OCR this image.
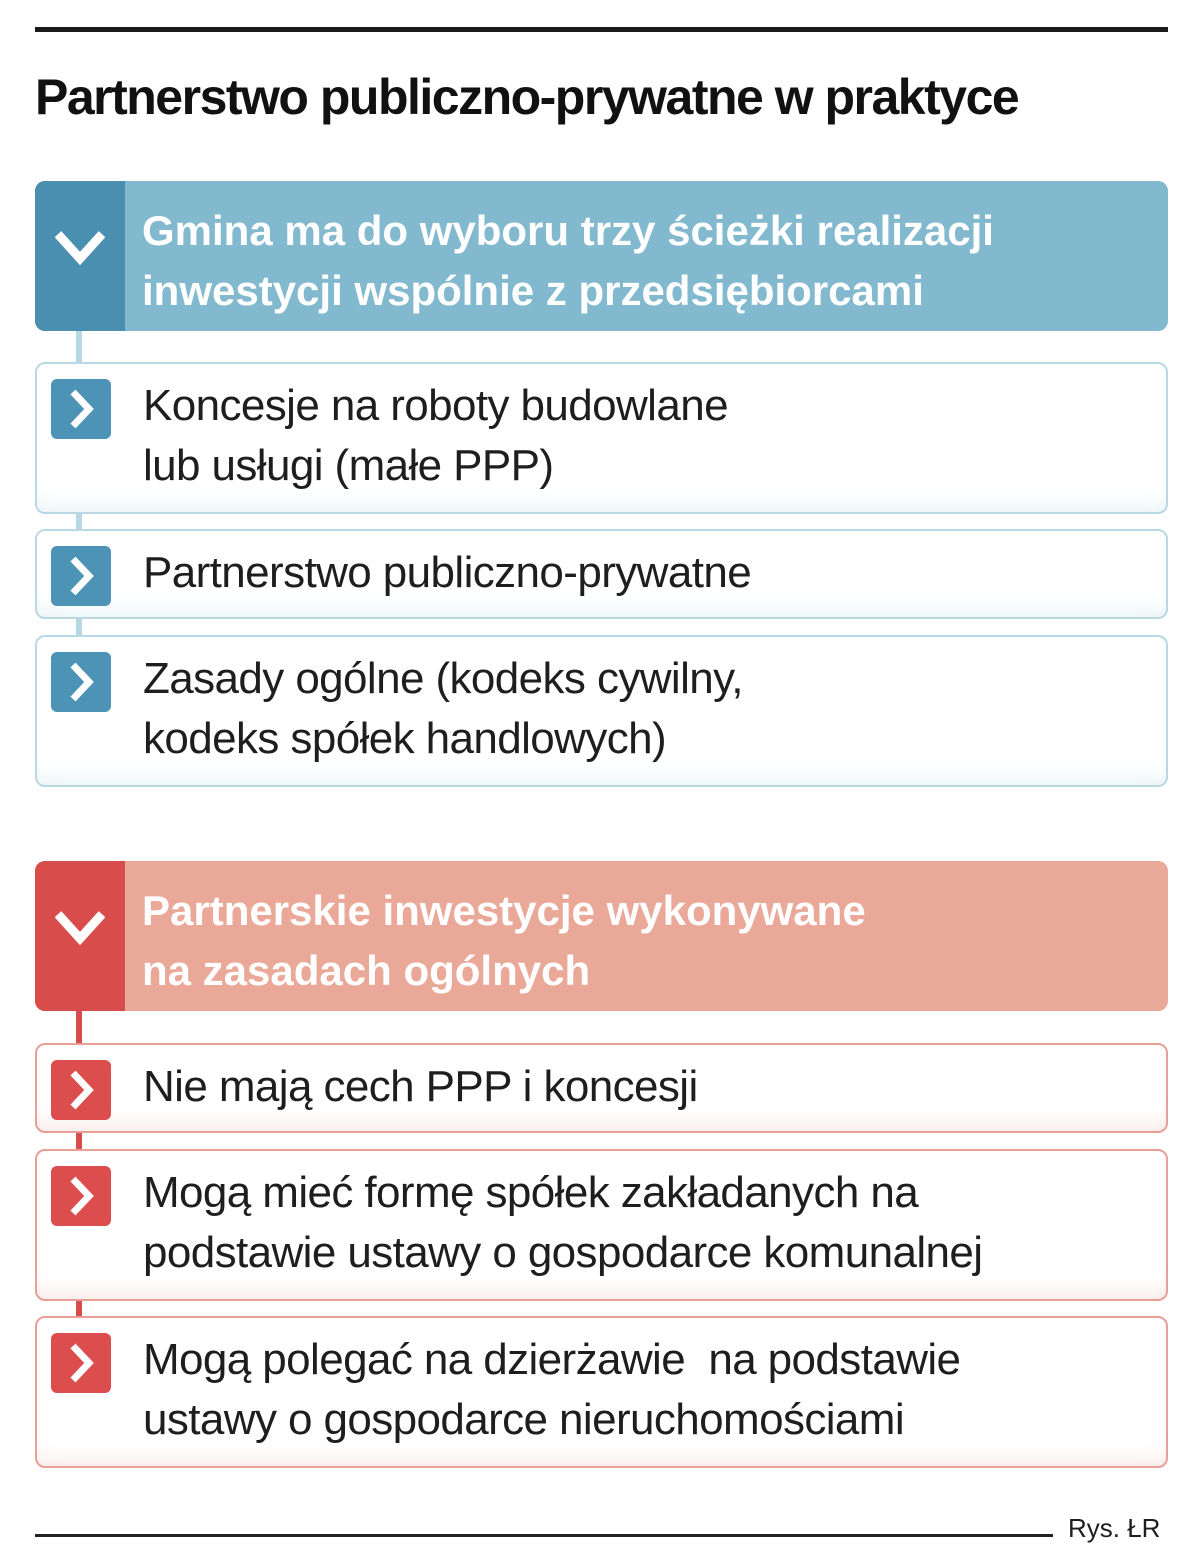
Partnerstwo publiczno-prywatne w praktyce
Gmina ma do wyboru trzy ścieżki realizacji
inwestycji wspólnie z przedsiębiorcami
Koncesje na roboty budowlane
lub usługi (małe PPP)
Partnerstwo publiczno-prywatne
Zasady ogólne (kodeks cywilny,
kodeks spółek handlowych)
Partnerskie inwestycje wykonywane
na zasadach ogólnych
Nie mają cech PPP i koncesji
Mogą mieć formę spółek zakładanych na
podstawie ustawy o gospodarce komunalnej
Mogą polegać na dzierżawie  na podstawie
ustawy o gospodarce nieruchomościami
Rys. ŁR
